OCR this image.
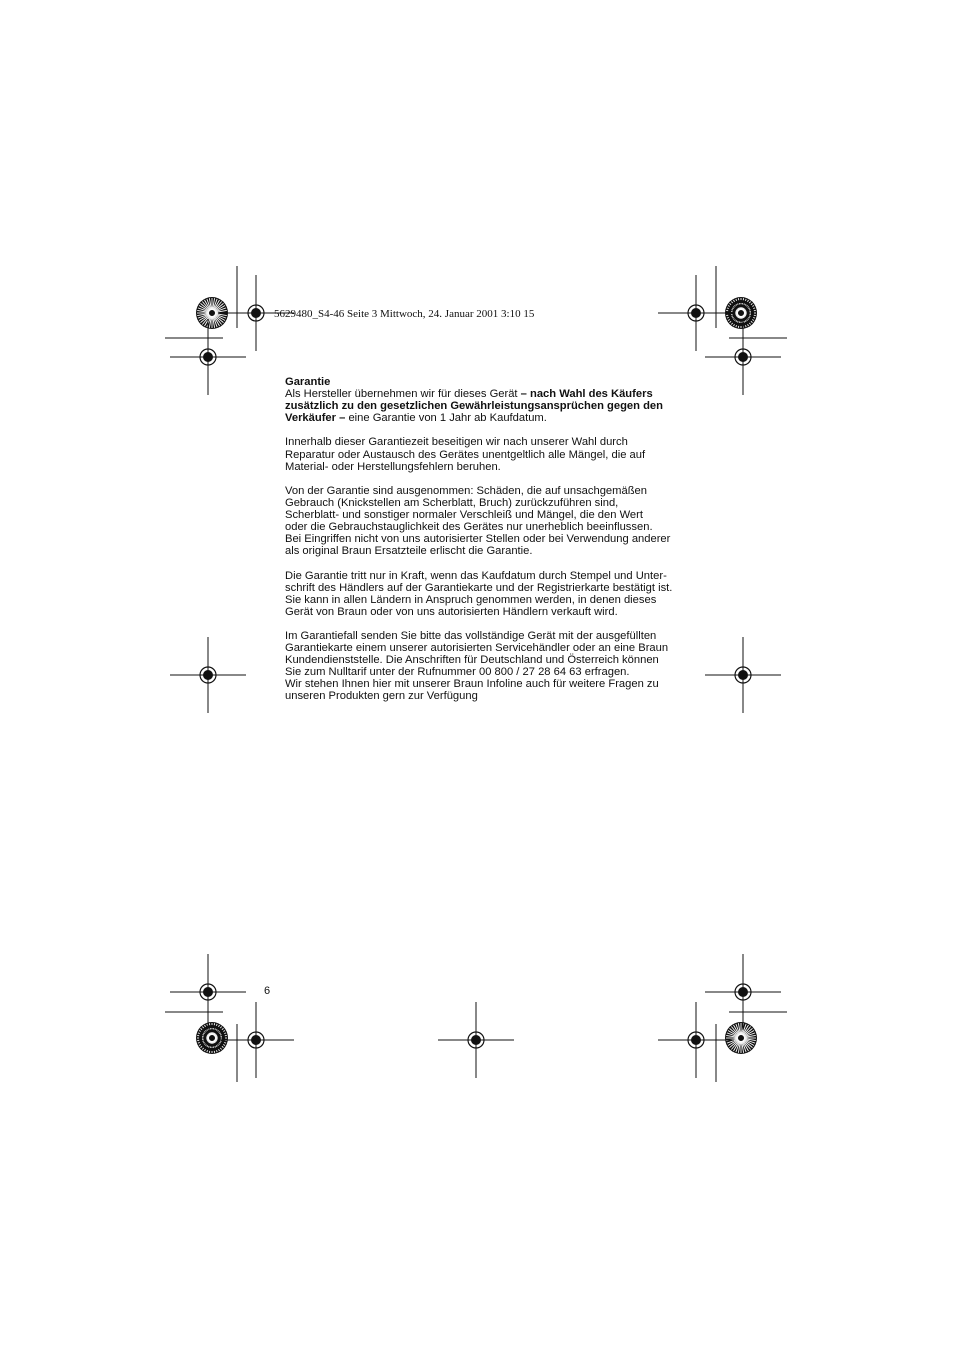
5629480_S4-46 Seite 3 Mittwoch, 24. Januar 2001 3:10 15

Garantie
Als Hersteller übernehmen wir für dieses Gerät – nach Wahl des Käufers
zusätzlich zu den gesetzlichen Gewährleistungsansprüchen gegen den
Verkäufer – eine Garantie von 1 Jahr ab Kaufdatum.

Innerhalb dieser Garantiezeit beseitigen wir nach unserer Wahl durch
Reparatur oder Austausch des Gerätes unentgeltlich alle Mängel, die auf
Material- oder Herstellungsfehlern beruhen.

Von der Garantie sind ausgenommen: Schäden, die auf unsachgemäßen
Gebrauch (Knickstellen am Scherblatt, Bruch) zurückzuführen sind,
Scherblatt- und sonstiger normaler Verschleiß und Mängel, die den Wert
oder die Gebrauchstauglichkeit des Gerätes nur unerheblich beeinflussen.
Bei Eingriffen nicht von uns autorisierter Stellen oder bei Verwendung anderer
als original Braun Ersatzteile erlischt die Garantie.

Die Garantie tritt nur in Kraft, wenn das Kaufdatum durch Stempel und Unter-
schrift des Händlers auf der Garantiekarte und der Registrierkarte bestätigt ist.
Sie kann in allen Ländern in Anspruch genommen werden, in denen dieses
Gerät von Braun oder von uns autorisierten Händlern verkauft wird.

Im Garantiefall senden Sie bitte das vollständige Gerät mit der ausgefüllten
Garantiekarte einem unserer autorisierten Servicehändler oder an eine Braun
Kundendienststelle. Die Anschriften für Deutschland und Österreich können
Sie zum Nulltarif unter der Rufnummer 00 800 / 27 28 64 63 erfragen.
Wir stehen Ihnen hier mit unserer Braun Infoline auch für weitere Fragen zu
unseren Produkten gern zur Verfügung

6
